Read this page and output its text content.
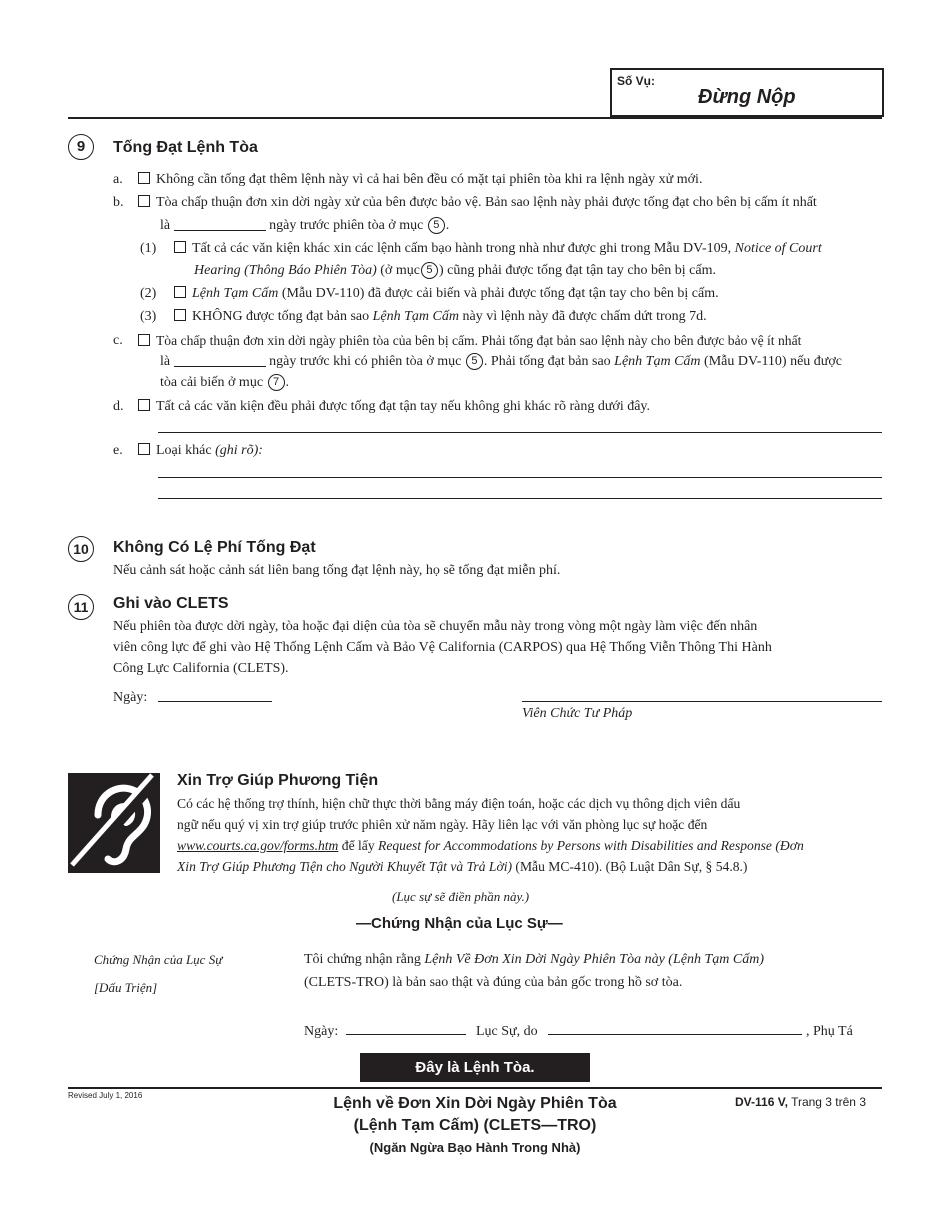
Số Vụ:
Đừng Nộp
9	Tống Đạt Lệnh Tòa
a.	Không cần tống đạt thêm lệnh này vì cả hai bên đều có mặt tại phiên tòa khi ra lệnh ngày xử mới.
b.	Tòa chấp thuận đơn xin dời ngày xử của bên được bảo vệ. Bản sao lệnh này phải được tống đạt cho bên bị cấm ít nhất
là	ngày trước phiên tòa ở mục 5 .
(1)	Tất cả các văn kiện khác xin các lệnh cấm bạo hành trong nhà như được ghi trong Mẫu DV-109, Notice of Court
Hearing (Thông Báo Phiên Tòa) (ở mục 5 ) cũng phải được tống đạt tận tay cho bên bị cấm.
(2)	Lệnh Tạm Cấm (Mẫu DV-110) đã được cải biến và phải được tống đạt tận tay cho bên bị cấm.
(3)	KHÔNG được tống đạt bản sao Lệnh Tạm Cấm này vì lệnh này đã được chấm dứt trong 7d.
c.	Tòa chấp thuận đơn xin dời ngày phiên tòa của bên bị cấm. Phải tống đạt bản sao lệnh này cho bên được bảo vệ ít nhất
là	ngày trước khi có phiên tòa ở mục 5 . Phải tống đạt bản sao Lệnh Tạm Cấm (Mẫu DV-110) nếu được
tòa cải biến ở mục 7 .
d.	Tất cả các văn kiện đều phải được tống đạt tận tay nếu không ghi khác rõ ràng dưới đây.
e.	Loại khác (ghi rõ):
10	Không Có Lệ Phí Tống Đạt
Nếu cảnh sát hoặc cảnh sát liên bang tống đạt lệnh này, họ sẽ tống đạt miễn phí.
11	Ghi vào CLETS
Nếu phiên tòa được dời ngày, tòa hoặc đại diện của tòa sẽ chuyển mẫu này trong vòng một ngày làm việc đến nhân
viên công lực để ghi vào Hệ Thống Lệnh Cấm và Bảo Vệ California (CARPOS) qua Hệ Thống Viễn Thông Thi Hành
Công Lực California (CLETS).
Ngày:
Viên Chức Tư Pháp
Xin Trợ Giúp Phương Tiện
Có các hệ thống trợ thính, hiện chữ thực thời bằng máy điện toán, hoặc các dịch vụ thông dịch viên dấu
ngữ nếu quý vị xin trợ giúp trước phiên xử năm ngày. Hãy liên lạc với văn phòng lục sự hoặc đến
www.courts.ca.gov/forms.htm để lấy Request for Accommodations by Persons with Disabilities and Response (Đơn
Xin Trợ Giúp Phương Tiện cho Người Khuyết Tật và Trả Lời) (Mẫu MC-410). (Bộ Luật Dân Sự, § 54.8.)
(Lục sự sẽ điền phần này.)
—Chứng Nhận của Lục Sự—
Chứng Nhận của Lục Sự
[Dấu Triện]
Tôi chứng nhận rằng Lệnh Về Đơn Xin Dời Ngày Phiên Tòa này (Lệnh Tạm Cấm)
(CLETS-TRO) là bản sao thật và đúng của bản gốc trong hồ sơ tòa.
Ngày:	Lục Sự, do	, Phụ Tá
Đây là Lệnh Tòa.
Revised July 1, 2016	Lệnh về Đơn Xin Dời Ngày Phiên Tòa
(Lệnh Tạm Cấm) (CLETS—TRO)
(Ngăn Ngừa Bạo Hành Trong Nhà)
DV-116 V, Trang 3 trên 3
